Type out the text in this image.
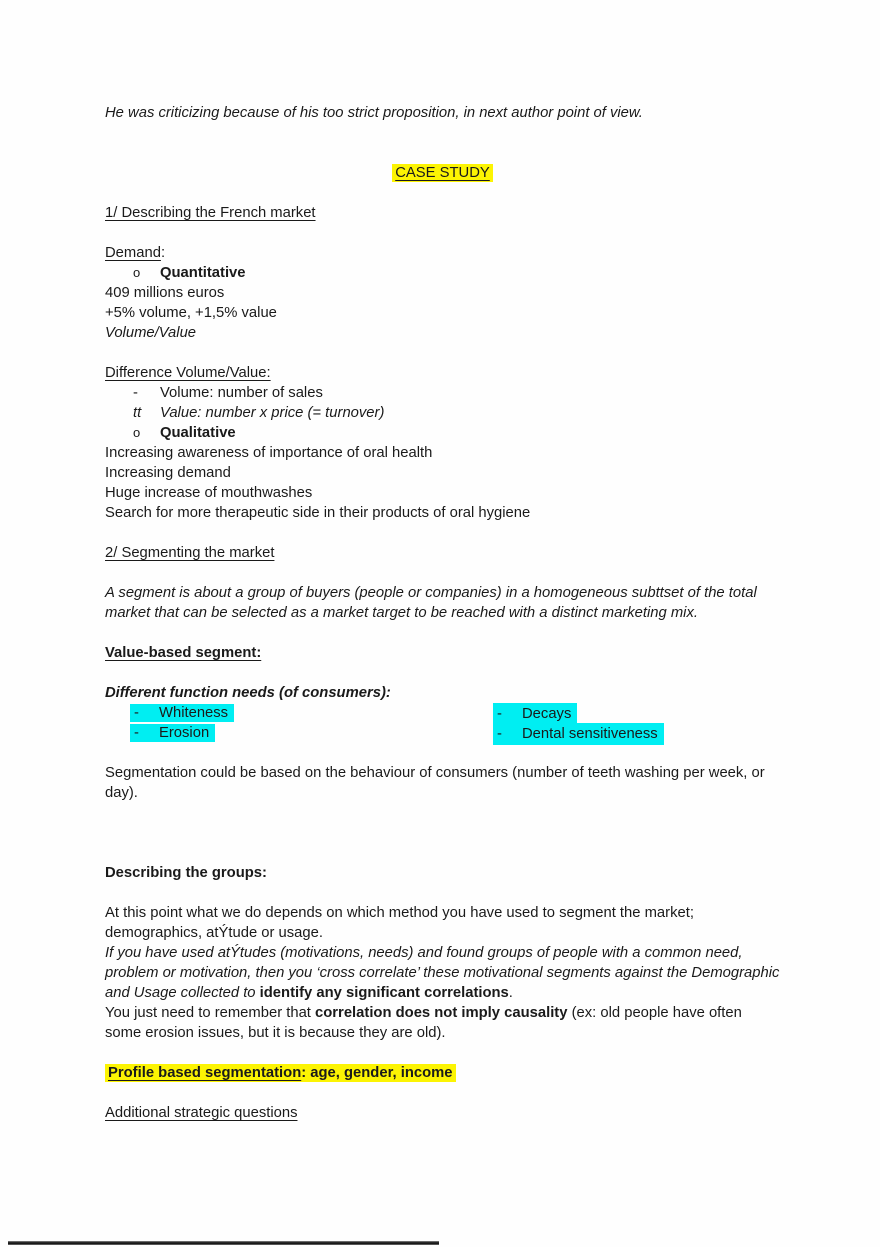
He was criticizing because of his too strict proposition, in next author point of view.

CASE STUDY

1/ Describing the French market

Demand:

o Quantitative

409 millions euros

+5% volume, +1,5% value

Volume/Value

Difference Volume/Value:

- Volume: number of sales

tt Value: number x price (= turnover)

o Qualitative

Increasing awareness of importance of oral health

Increasing demand

Huge increase of mouthwashes

Search for more therapeutic side in their products of oral hygiene

2/ Segmenting the market

A segment is about a group of buyers (people or companies) in a homogeneous subttset of the total market that can be selected as a market target to be reached with a distinct marketing mix.

Value-based segment:

Different function needs (of consumers):

- Whiteness	- Decays
- Erosion	- Dental sensitiveness

Segmentation could be based on the behaviour of consumers (number of teeth washing per week, or day).

Describing the groups:

At this point what we do depends on which method you have used to segment the market; demographics, atÝtude or usage.

If you have used atÝtudes (motivations, needs) and found groups of people with a common need, problem or motivation, then you ‘cross correlate’ these motivational segments against the Demographic and Usage collected to identify any significant correlations.

You just need to remember that correlation does not imply causality (ex: old people have often some erosion issues, but it is because they are old).

Profile based segmentation: age, gender, income

Additional strategic questions
